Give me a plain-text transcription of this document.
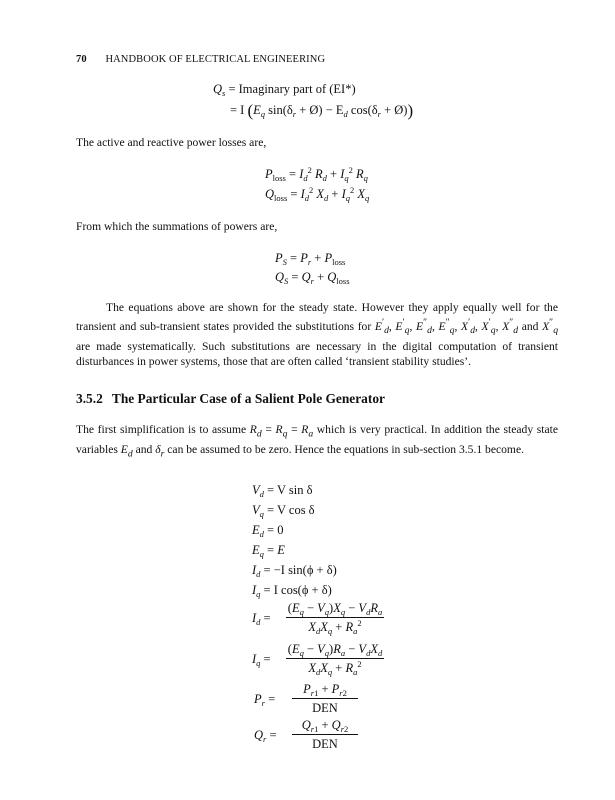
70 HANDBOOK OF ELECTRICAL ENGINEERING
$Q_s$ = Imaginary part of (EI*)
= I ($E_q$ $\sin(\delta_r$ + Ø) − $E_d$ $\cos(\delta_r$ + Ø))
The active and reactive power losses are,
$P_{loss} = I_d^2$ $R_d + I_q^2$ $R_q$
$Q_{loss} = I_d^2$ $X_d + I_q^2$ $X_q$
From which the summations of powers are,
$P_S = P_r + P_{loss}$
$Q_S = Q_r + Q_{loss}$
The equations above are shown for the steady state. However they apply equally well for the transient and sub-transient states provided the substitutions for $E'_d$, $E'_q$, $E''_d$, $E''_q$, $X'_d$, $X'_q$, $X''_d$ and $X''_q$ are made systematically. Such substitutions are necessary in the digital computation of transient disturbances in power systems, those that are often called ‘transient stability studies’.
3.5.2 The Particular Case of a Salient Pole Generator
The first simplification is to assume $R_d = R_q = R_a$ which is very practical. In addition the steady state variables $E_d$ and $\delta_r$ can be assumed to be zero. Hence the equations in sub-section 3.5.1 become.
$V_d = V$ sin δ
$V_q = V$ cos δ
$E_d = 0$
$E_q = E$
$I_d = -I$ sin(ϕ + δ)
$I_q = I$ cos(ϕ + δ)
$I_d$ =
$(E_q - V_q)X_q - V_dR_a$
$X_dX_q + R_a^2$
$I_q$ =
$(E_q - V_q)R_a - V_dX_d$
$X_dX_q + R_a^2$
$P_r$ =
$P_{r1} + P_{r2}$
DEN
$Q_r$ =
$Q_{r1} + Q_{r2}$
DEN
